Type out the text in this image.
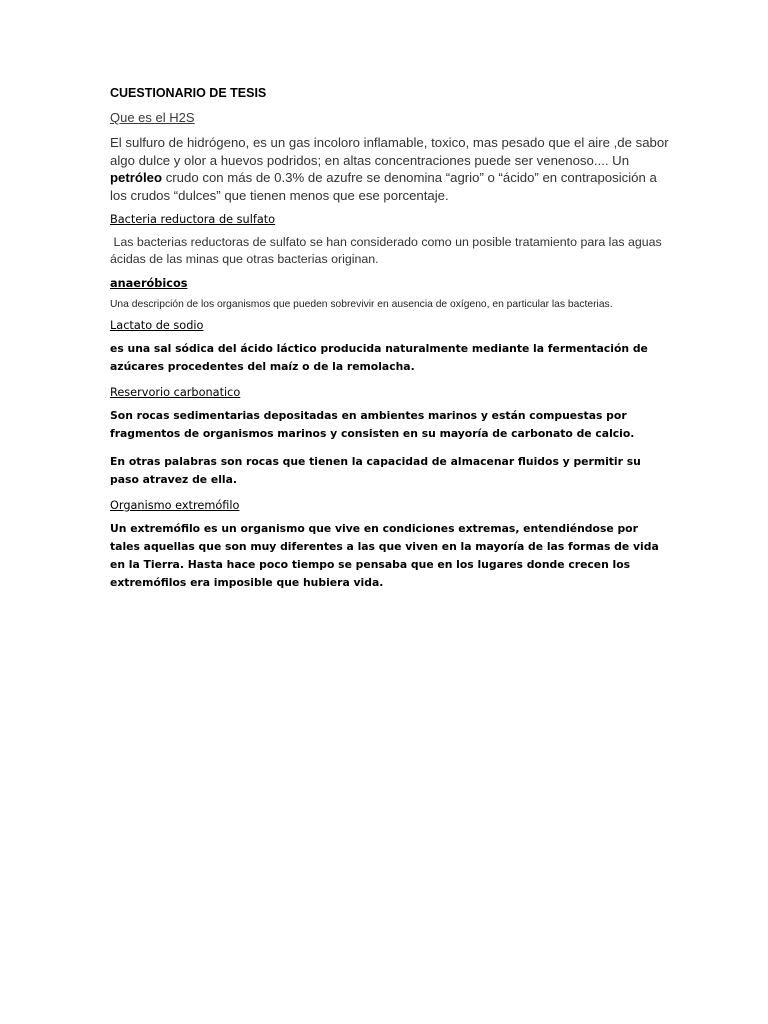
CUESTIONARIO DE TESIS
Que es el H2S

El sulfuro de hidrógeno, es un gas incoloro inflamable, toxico, mas pesado que el aire ,de sabor algo dulce y olor a huevos podridos; en altas concentraciones puede ser venenoso.... Un petróleo crudo con más de 0.3% de azufre se denomina “agrio” o “ácido” en contraposición a los crudos “dulces” que tienen menos que ese porcentaje.

Bacteria reductora de sulfato

Las bacterias reductoras de sulfato se han considerado como un posible tratamiento para las aguas ácidas de las minas que otras bacterias originan.

anaeróbicos

Una descripción de los organismos que pueden sobrevivir en ausencia de oxígeno, en particular las bacterias.

Lactato de sodio

es una sal sódica del ácido láctico producida naturalmente mediante la fermentación de azúcares procedentes del maíz o de la remolacha.

Reservorio carbonatico

Son rocas sedimentarias depositadas en ambientes marinos y están compuestas por fragmentos de organismos marinos y consisten en su mayoría de carbonato de calcio.

En otras palabras son rocas que tienen la capacidad de almacenar fluidos y permitir su paso atravez de ella.

Organismo extremófilo

Un extremófilo es un organismo que vive en condiciones extremas, entendiéndose por tales aquellas que son muy diferentes a las que viven en la mayoría de las formas de vida en la Tierra. Hasta hace poco tiempo se pensaba que en los lugares donde crecen los extremófilos era imposible que hubiera vida.
